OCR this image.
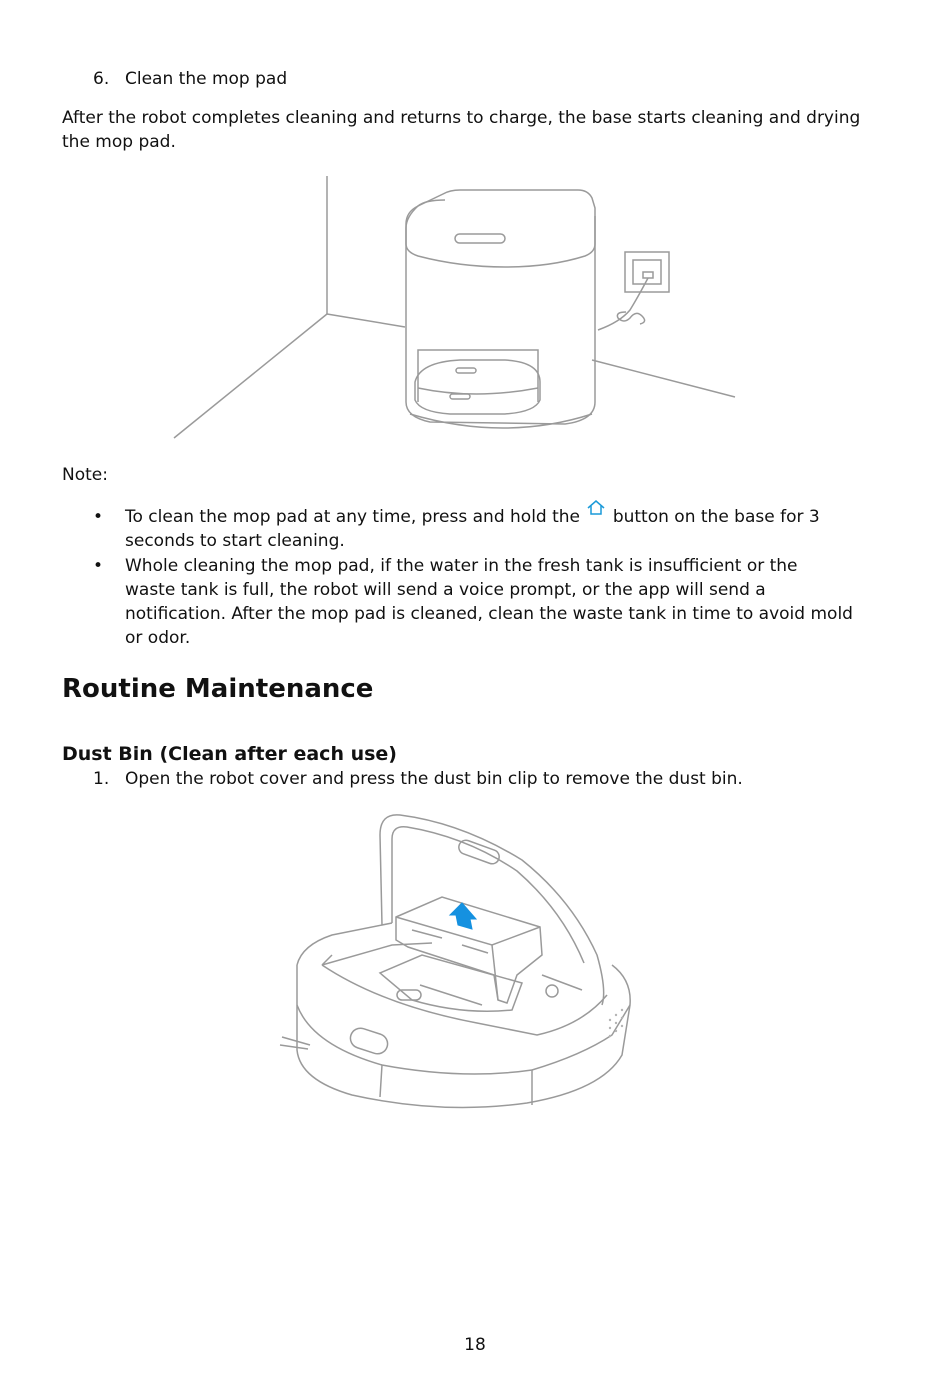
6. Clean the mop pad
After the robot completes cleaning and returns to charge, the base starts cleaning and drying the mop pad.
Note:
•	To clean the mop pad at any time, press and hold the  button on the base for 3 seconds to start cleaning.
•	Whole cleaning the mop pad, if the water in the fresh tank is insufficient or the waste tank is full, the robot will send a voice prompt, or the app will send a notification. After the mop pad is cleaned, clean the waste tank in time to avoid mold or odor.
Routine Maintenance
Dust Bin (Clean after each use)
1. Open the robot cover and press the dust bin clip to remove the dust bin.
18
